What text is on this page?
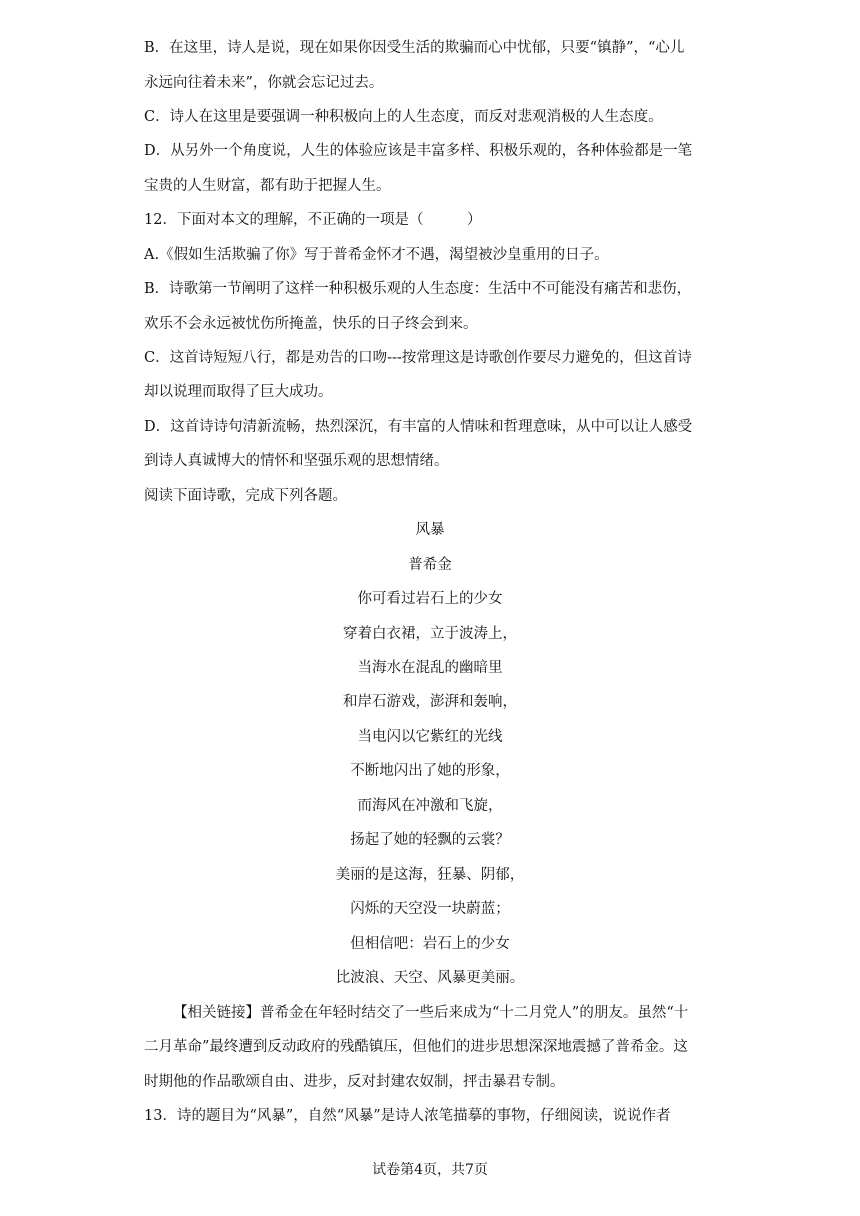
B．在这里，诗人是说，现在如果你因受生活的欺骗而心中忧郁，只要“镇静”，“心儿
永远向往着未来”，你就会忘记过去。
C．诗人在这里是要强调一种积极向上的人生态度，而反对悲观消极的人生态度。
D．从另外一个角度说，人生的体验应该是丰富多样、积极乐观的，各种体验都是一笔
宝贵的人生财富，都有助于把握人生。
12．下面对本文的理解，不正确的一项是（　　　）
A.《假如生活欺骗了你》写于普希金怀才不遇，渴望被沙皇重用的日子。
B．诗歌第一节阐明了这样一种积极乐观的人生态度：生活中不可能没有痛苦和悲伤，
欢乐不会永远被忧伤所掩盖，快乐的日子终会到来。
C．这首诗短短八行，都是劝告的口吻---按常理这是诗歌创作要尽力避免的，但这首诗
却以说理而取得了巨大成功。
D．这首诗诗句清新流畅，热烈深沉，有丰富的人情味和哲理意味，从中可以让人感受
到诗人真诚博大的情怀和坚强乐观的思想情绪。
阅读下面诗歌，完成下列各题。
风暴
普希金
你可看过岩石上的少女
穿着白衣裙，立于波涛上，
当海水在混乱的幽暗里
和岸石游戏，澎湃和轰响，
当电闪以它紫红的光线
不断地闪出了她的形象，
而海风在冲激和飞旋，
扬起了她的轻飘的云裳？
美丽的是这海，狂暴、阴郁，
闪烁的天空没一块蔚蓝；
但相信吧：岩石上的少女
比波浪、天空、风暴更美丽。
【相关链接】普希金在年轻时结交了一些后来成为“十二月党人”的朋友。虽然“十
二月革命”最终遭到反动政府的残酷镇压，但他们的进步思想深深地震撼了普希金。这
时期他的作品歌颂自由、进步，反对封建农奴制，抨击暴君专制。
13．诗的题目为“风暴”，自然“风暴”是诗人浓笔描摹的事物，仔细阅读，说说作者
试卷第4页，共7页
